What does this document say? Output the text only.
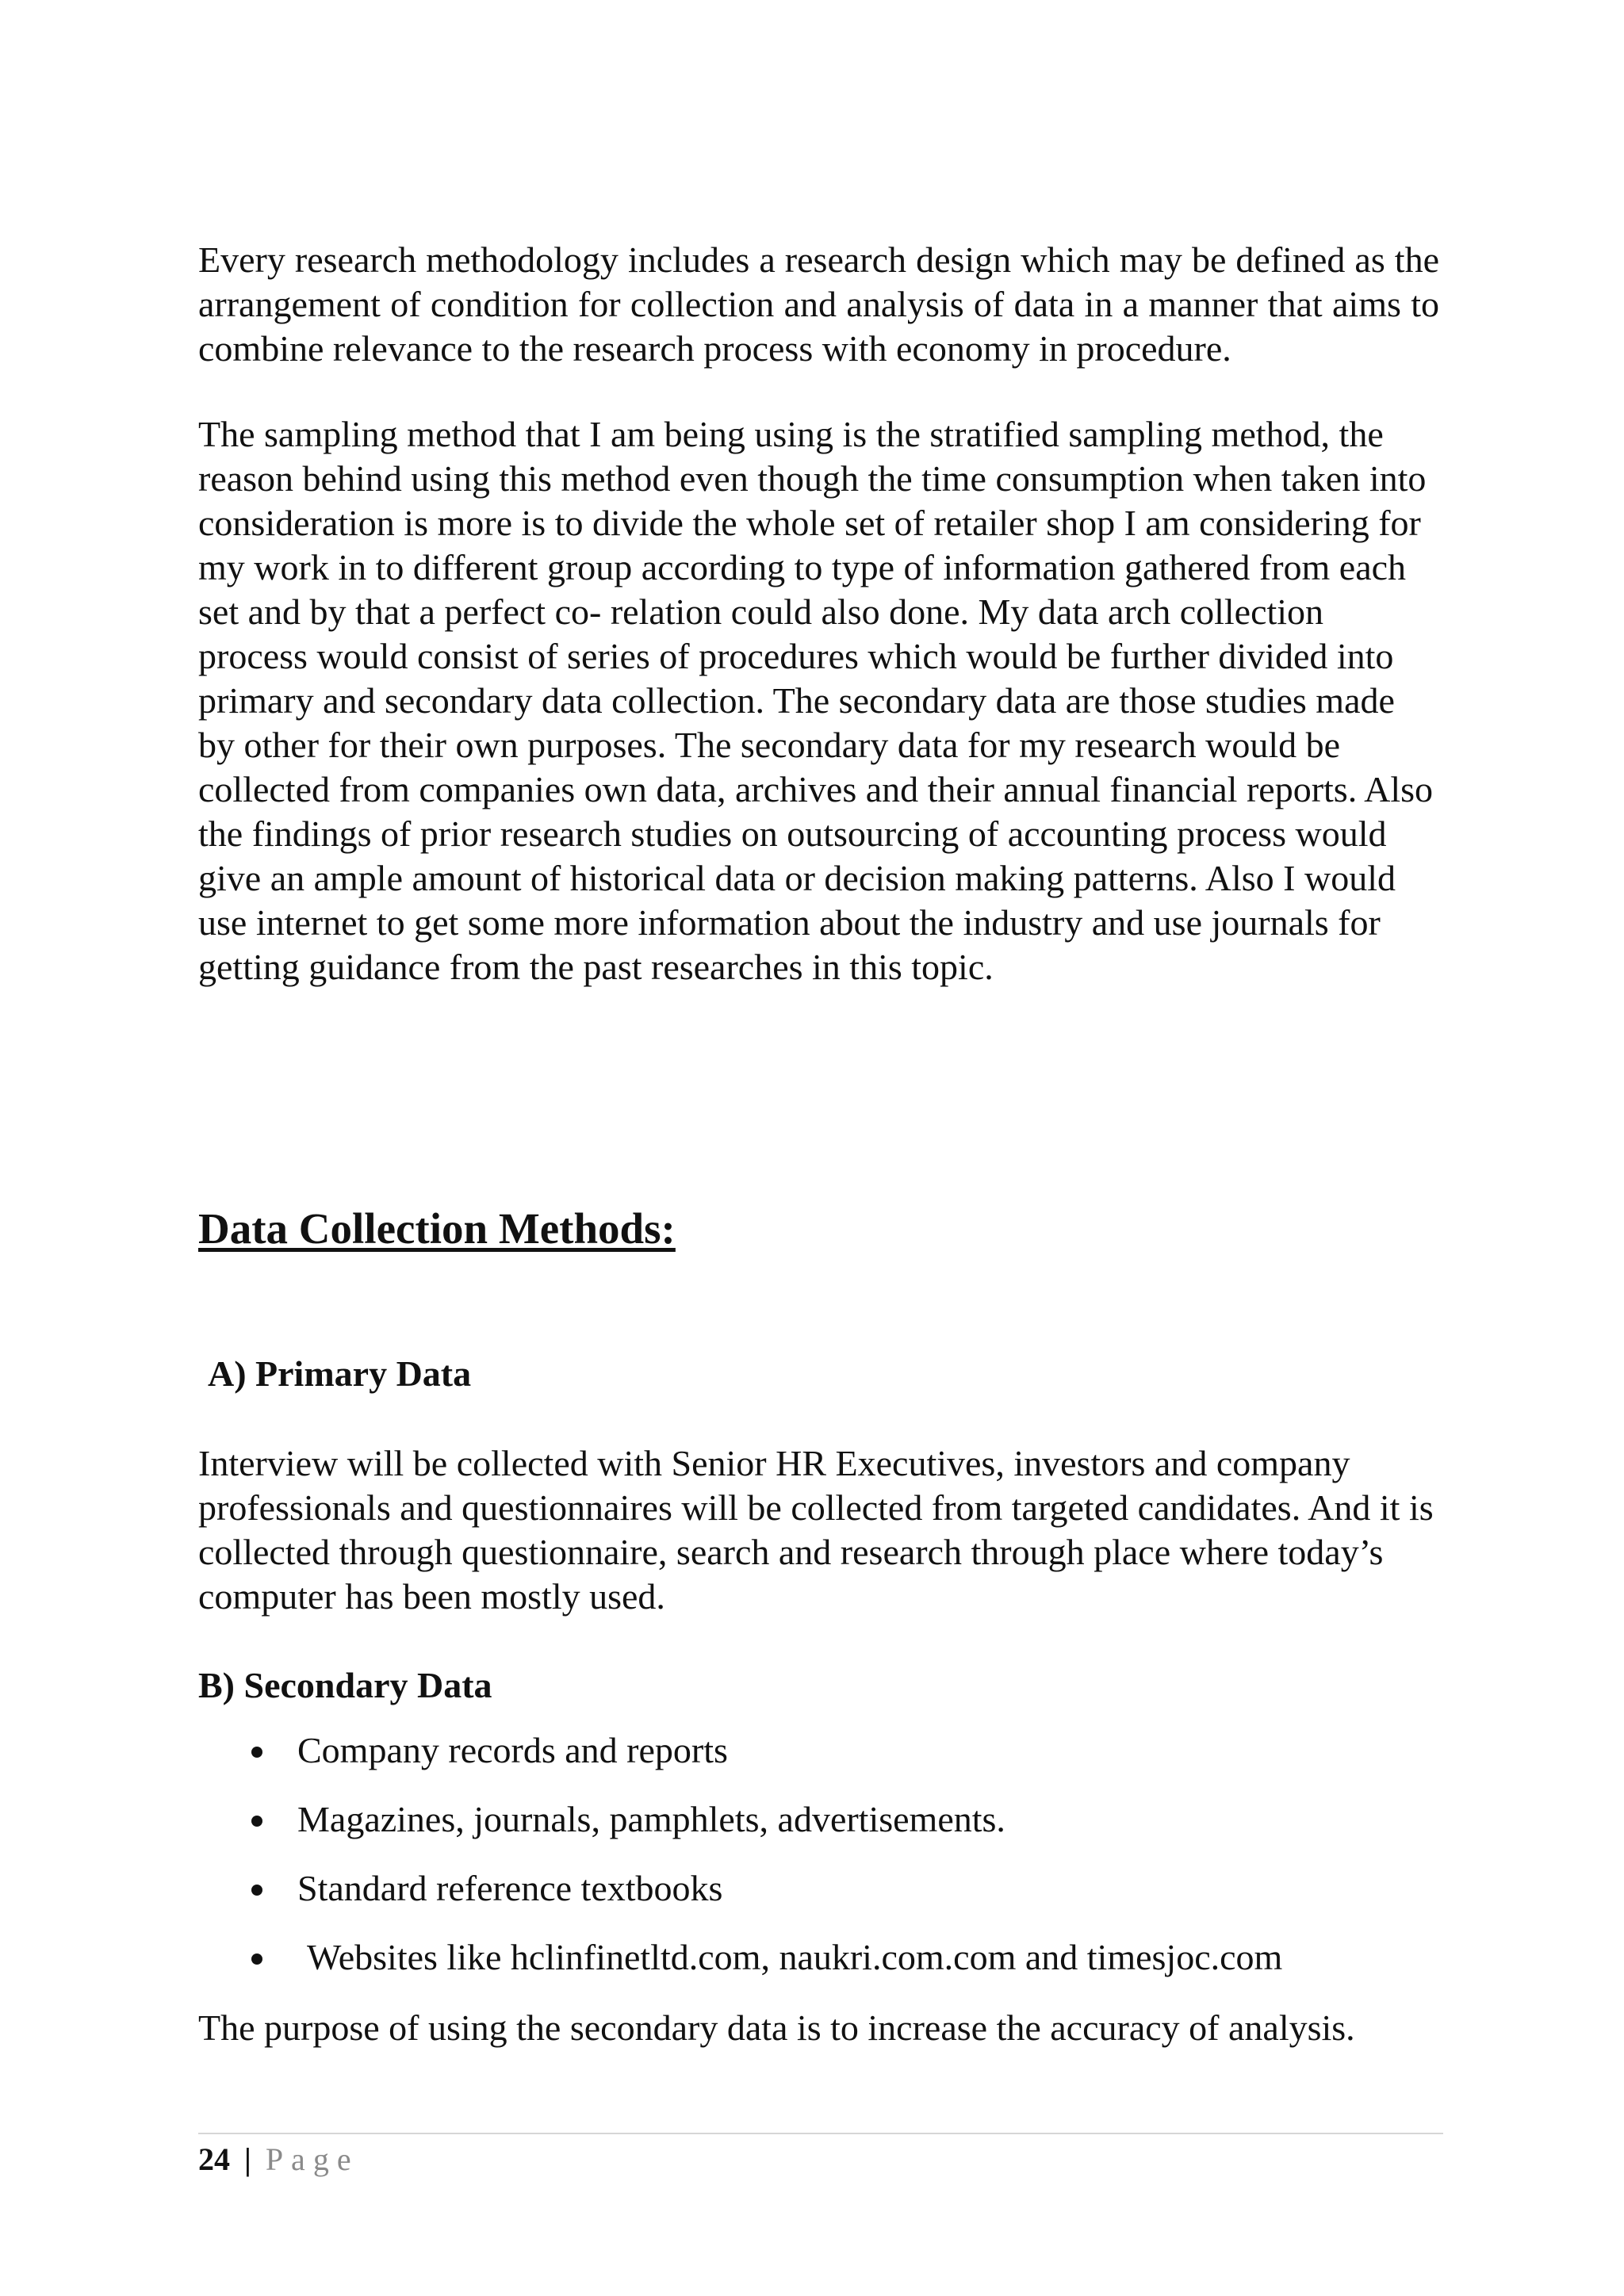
Every research methodology includes a research design which may be defined as the arrangement of condition for collection and analysis of data in a manner that aims to combine relevance to the research process with economy in procedure.

The sampling method that I am being using is the stratified sampling method, the reason behind using this method even though the time consumption when taken into consideration is more is to divide the whole set of retailer shop I am considering for my work in to different group according to type of information gathered from each set and by that a perfect co- relation could also done. My data arch collection process would consist of series of procedures which would be further divided into primary and secondary data collection. The secondary data are those studies made by other for their own purposes. The secondary data for my research would be collected from companies own data, archives and their annual financial reports. Also the findings of prior research studies on outsourcing of accounting process would give an ample amount of historical data or decision making patterns. Also I would use internet to get some more information about the industry and use journals for getting guidance from the past researches in this topic.

Data Collection Methods:
A) Primary Data

Interview will be collected with Senior HR Executives, investors and company professionals and questionnaires will be collected from targeted candidates. And it is collected through questionnaire, search and research through place where today’s computer has been mostly used.

B) Secondary Data
Company records and reports
Magazines, journals, pamphlets, advertisements.
Standard reference textbooks
Websites like hclinfinetltd.com, naukri.com.com and timesjoc.com

The purpose of using the secondary data is to increase the accuracy of analysis.

24 | Page
